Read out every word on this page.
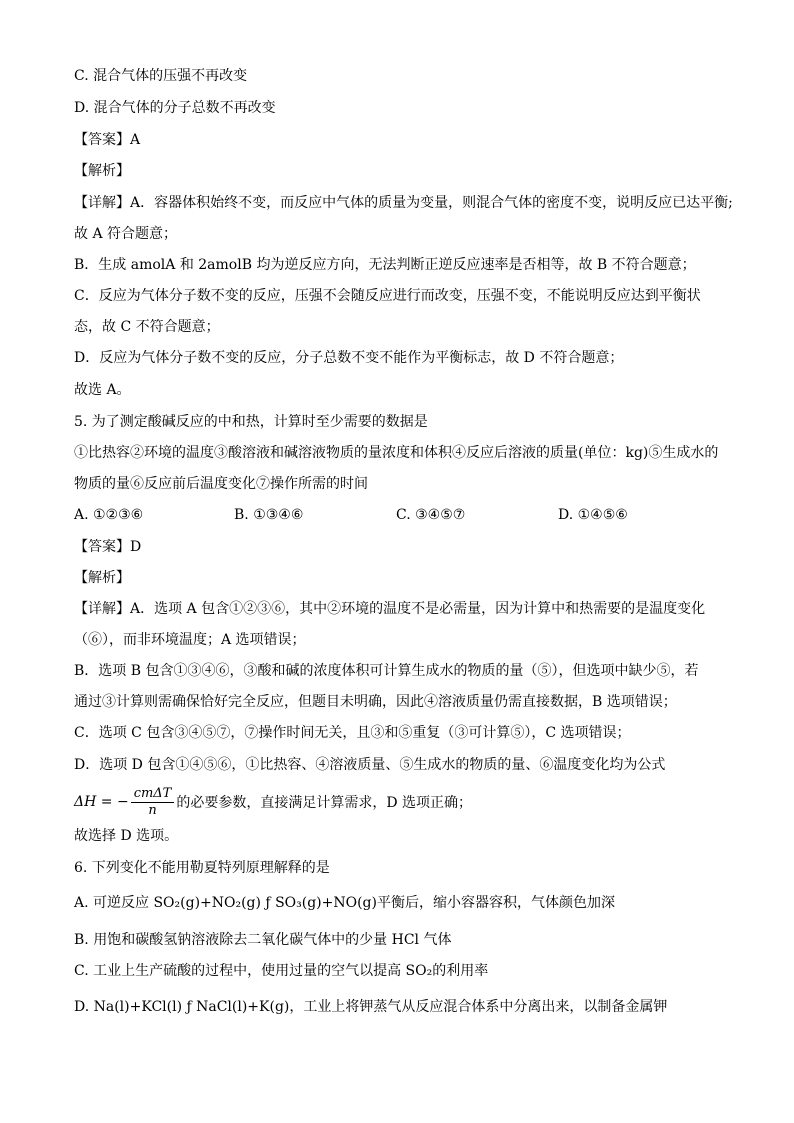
C. 混合气体的压强不再改变
D. 混合气体的分子总数不再改变
【答案】A
【解析】
【详解】A．容器体积始终不变，而反应中气体的质量为变量，则混合气体的密度不变，说明反应已达平衡;
故 A 符合题意；
B．生成 amolA 和 2amolB 均为逆反应方向，无法判断正逆反应速率是否相等，故 B 不符合题意；
C．反应为气体分子数不变的反应，压强不会随反应进行而改变，压强不变，不能说明反应达到平衡状
态，故 C 不符合题意；
D．反应为气体分子数不变的反应，分子总数不变不能作为平衡标志，故 D 不符合题意；
故选 A。
5. 为了测定酸碱反应的中和热，计算时至少需要的数据是
①比热容②环境的温度③酸溶液和碱溶液物质的量浓度和体积④反应后溶液的质量(单位：kg)⑤生成水的
物质的量⑥反应前后温度变化⑦操作所需的时间
A. ①②③⑥	B. ①③④⑥	C. ③④⑤⑦	D. ①④⑤⑥
【答案】D
【解析】
【详解】A．选项 A 包含①②③⑥，其中②环境的温度不是必需量，因为计算中和热需要的是温度变化
（⑥），而非环境温度；A 选项错误；
B．选项 B 包含①③④⑥，③酸和碱的浓度体积可计算生成水的物质的量（⑤），但选项中缺少⑤，若
通过③计算则需确保恰好完全反应，但题目未明确，因此④溶液质量仍需直接数据，B 选项错误；
C．选项 C 包含③④⑤⑦，⑦操作时间无关，且③和⑤重复（③可计算⑤），C 选项错误；
D．选项 D 包含①④⑤⑥，①比热容、④溶液质量、⑤生成水的物质的量、⑥温度变化均为公式
ΔH = − $\frac{\text{cmΔT}}{n}$ 的必要参数，直接满足计算需求，D 选项正确；
故选择 D 选项。
6. 下列变化不能用勒夏特列原理解释的是
A. 可逆反应 SO₂(g)+NO₂(g) ƒ SO₃(g)+NO(g)平衡后，缩小容器容积，气体颜色加深
B. 用饱和碳酸氢钠溶液除去二氧化碳气体中的少量 HCl 气体
C. 工业上生产硫酸的过程中，使用过量的空气以提高 SO₂的利用率
D. Na(l)+KCl(l) ƒ NaCl(l)+K(g)，工业上将钾蒸气从反应混合体系中分离出来，以制备金属钾
